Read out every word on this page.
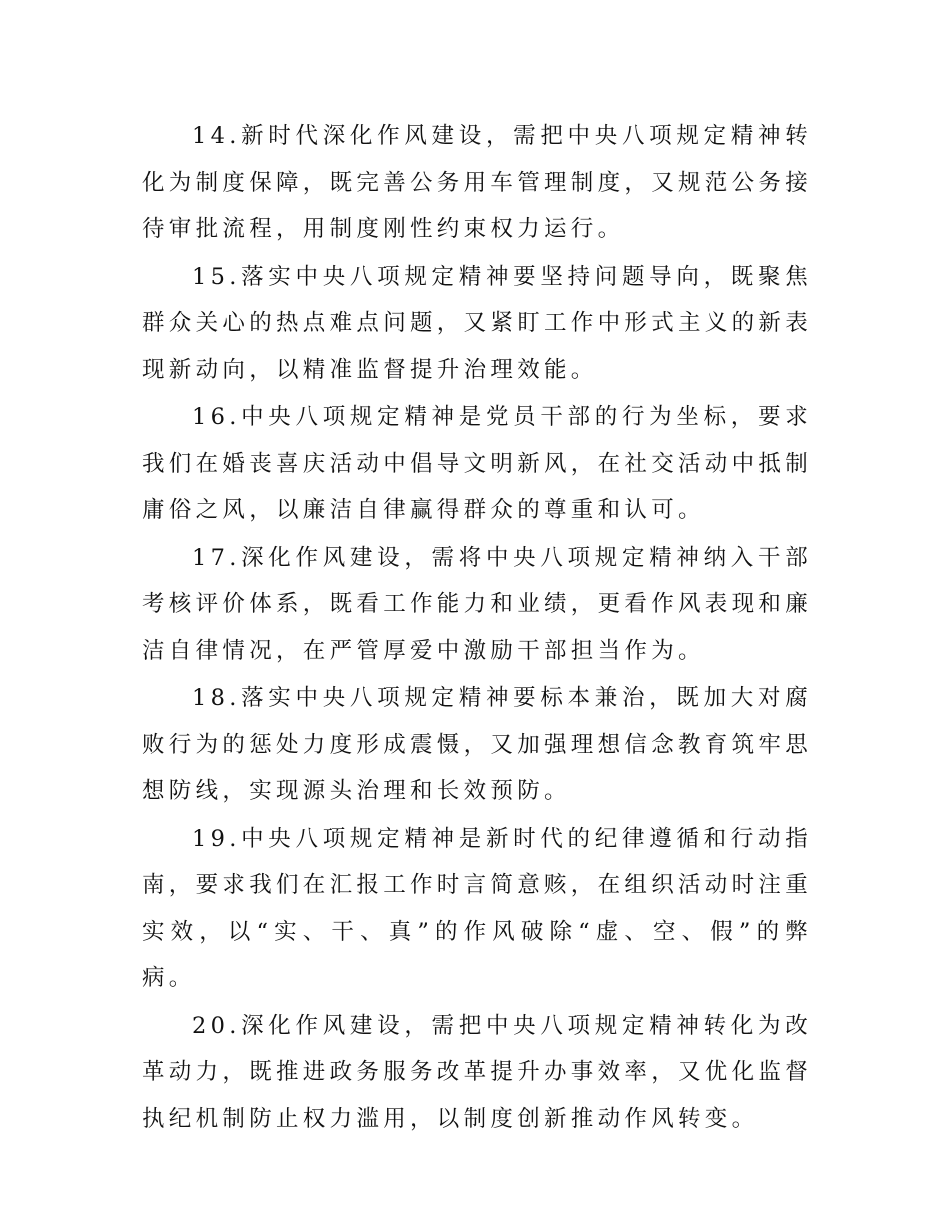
14.新时代深化作风建设，需把中央八项规定精神转化为制度保障，既完善公务用车管理制度，又规范公务接待审批流程，用制度刚性约束权力运行。

15.落实中央八项规定精神要坚持问题导向，既聚焦群众关心的热点难点问题，又紧盯工作中形式主义的新表现新动向，以精准监督提升治理效能。

16.中央八项规定精神是党员干部的行为坐标，要求我们在婚丧喜庆活动中倡导文明新风，在社交活动中抵制庸俗之风，以廉洁自律赢得群众的尊重和认可。

17.深化作风建设，需将中央八项规定精神纳入干部考核评价体系，既看工作能力和业绩，更看作风表现和廉洁自律情况，在严管厚爱中激励干部担当作为。

18.落实中央八项规定精神要标本兼治，既加大对腐败行为的惩处力度形成震慑，又加强理想信念教育筑牢思想防线，实现源头治理和长效预防。

19.中央八项规定精神是新时代的纪律遵循和行动指南，要求我们在汇报工作时言简意赅，在组织活动时注重实效，以“实、干、真”的作风破除“虚、空、假”的弊病。

20.深化作风建设，需把中央八项规定精神转化为改革动力，既推进政务服务改革提升办事效率，又优化监督执纪机制防止权力滥用，以制度创新推动作风转变。
